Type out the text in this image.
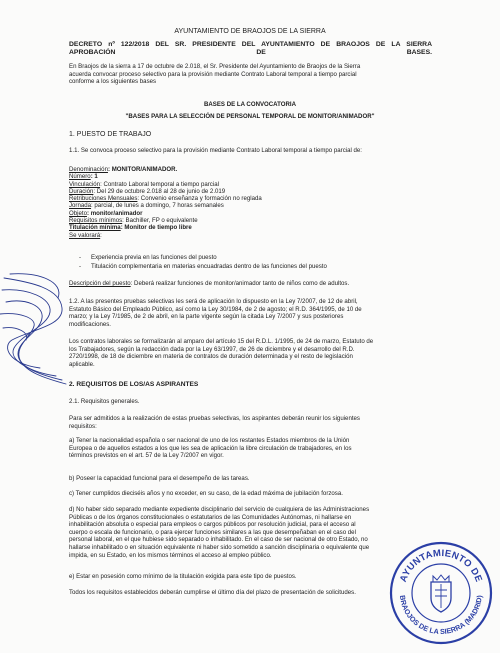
AYUNTAMIENTO DE BRAOJOS DE LA SIERRA
DECRETO nº 122/2018 DEL SR. PRESIDENTE DEL AYUNTAMIENTO DE BRAOJOS DE LA SIERRA
APROBACIÓN	DE	BASES.
En Braojos de la sierra a 17 de octubre de 2.018, el Sr. Presidente del Ayuntamiento de Braojos de la Sierra
acuerda convocar proceso selectivo para la provisión mediante Contrato Laboral temporal a tiempo parcial
conforme a los siguientes bases
BASES DE LA CONVOCATORIA
"BASES PARA LA SELECCIÓN DE PERSONAL TEMPORAL DE MONITOR/ANIMADOR"
1. PUESTO DE TRABAJO
1.1. Se convoca proceso selectivo para la provisión mediante Contrato Laboral temporal a tiempo parcial de:
Denominación: MONITOR/ANIMADOR.
Número: 1
Vinculación: Contrato Laboral temporal a tiempo parcial
Duración: Del 29 de octubre 2.018 al 28 de junio de 2.019
Retribuciones Mensuales: Convenio enseñanza y formación no reglada
Jornada: parcial, de lunes a domingo, 7 horas semanales
Objeto: monitor/animador
Requisitos mínimos: Bachiller, FP o equivalente
Titulación mínima: Monitor de tiempo libre
Se valorará:
- Experiencia previa en las funciones del puesto
- Titulación complementaria en materias encuadradas dentro de las funciones del puesto
Descripción del puesto: Deberá realizar funciones de monitor/animador tanto de niños como de adultos.
1.2. A las presentes pruebas selectivas les será de aplicación lo dispuesto en la Ley 7/2007, de 12 de abril,
Estatuto Básico del Empleado Público, así como la Ley 30/1984, de 2 de agosto; el R.D. 364/1995, de 10 de
marzo; y la Ley 7/1985, de 2 de abril, en la parte vigente según la citada Ley 7/2007 y sus posteriores
modificaciones.
Los contratos laborales se formalizarán al amparo del artículo 15 del R.D.L. 1/1995, de 24 de marzo, Estatuto de
los Trabajadores, según la redacción dada por la Ley 63/1997, de 26 de diciembre y el desarrollo del R.D.
2720/1998, de 18 de diciembre en materia de contratos de duración determinada y el resto de legislación
aplicable.
2. REQUISITOS DE LOS/AS ASPIRANTES
2.1. Requisitos generales.
Para ser admitidos a la realización de estas pruebas selectivas, los aspirantes deberán reunir los siguientes
requisitos:
a) Tener la nacionalidad española o ser nacional de uno de los restantes Estados miembros de la Unión
Europea o de aquellos estados a los que les sea de aplicación la libre circulación de trabajadores, en los
términos previstos en el art. 57 de la Ley 7/2007 en vigor.
b) Poseer la capacidad funcional para el desempeño de las tareas.
c) Tener cumplidos dieciséis años y no exceder, en su caso, de la edad máxima de jubilación forzosa.
d) No haber sido separado mediante expediente disciplinario del servicio de cualquiera de las Administraciones
Públicas o de los órganos constitucionales o estatutarios de las Comunidades Autónomas, ni hallarse en
inhabilitación absoluta o especial para empleos o cargos públicos por resolución judicial, para el acceso al
cuerpo o escala de funcionario, o para ejercer funciones similares a las que desempeñaban en el caso del
personal laboral, en el que hubiese sido separado o inhabilitado. En el caso de ser nacional de otro Estado, no
hallarse inhabilitado o en situación equivalente ni haber sido sometido a sanción disciplinaria o equivalente que
impida, en su Estado, en los mismos términos el acceso al empleo público.
e) Estar en posesión como mínimo de la titulación exigida para este tipo de puestos.
Todos los requisitos establecidos deberán cumplirse el último día del plazo de presentación de solicitudes.
AYUNTAMIENTO DE
BRAOJOS DE LA SIERRA (MADRID)
